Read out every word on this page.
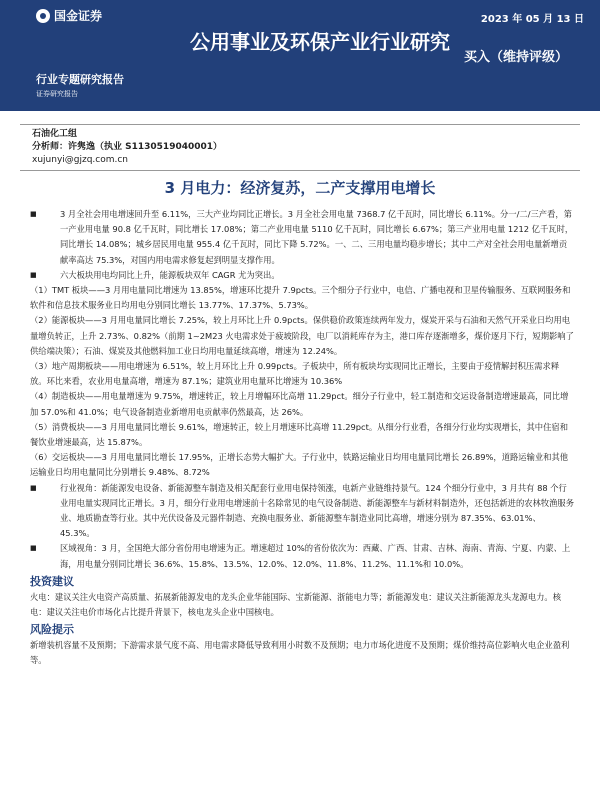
国金证券	2023 年 05 月 13 日
公用事业及环保产业行业研究
买入（维持评级）
行业专题研究报告
证券研究报告
石油化工组
分析师：许隽逸（执业 S1130519040001）
xujunyi@gjzq.com.cn
3 月电力：经济复苏，二产支撑用电增长

■ 3 月全社会用电增速回升至 6.11%，三大产业均同比正增长。3 月全社会用电量 7368.7 亿千瓦时，同比增长 6.11%。分一/二/三产看，第一产业用电量 90.8 亿千瓦时，同比增长 17.08%；第二产业用电量 5110 亿千瓦时，同比增长 6.67%；第三产业用电量 1212 亿千瓦时，同比增长 14.08%；城乡居民用电量 955.4 亿千瓦时，同比下降 5.72%。一、二、三用电量均稳步增长；其中二产对全社会用电量新增贡献率高达 75.3%，对国内用电需求修复起到明显支撑作用。

■ 六大板块用电均同比上升，能源板块双年 CAGR 尤为突出。

（1）TMT 板块——3 月用电量同比增速为 13.85%，增速环比提升 7.9pcts。三个细分子行业中，电信、广播电视和卫星传输服务、互联网服务和软件和信息技术服务业日均用电分别同比增长 13.77%、17.37%、5.73%。

（2）能源板块——3 月用电量同比增长 7.25%，较上月环比上升 0.9pcts。保供稳价政策连续两年发力，煤炭开采与石油和天然气开采业日均用电量增负转正，上升 2.73%、0.82%（前期 1~2M23 火电需求处于疲坡阶段，电厂以消耗库存为主，港口库存逐渐增多，煤价逐月下行，短期影响了供给端决策）；石油、煤炭及其他燃料加工业日均用电量延续高增，增速为 12.24%。

（3）地产周期板块——用电增速为 6.51%，较上月环比上升 0.99pcts。子板块中，所有板块均实现同比正增长，主要由于疫情解封积压需求释放。环比来看，农业用电量高增，增速为 87.1%；建筑业用电量环比增速为 10.36%

（4）制造板块——用电量增速为 9.75%，增速转正，较上月增幅环比高增 11.29pct。细分子行业中，轻工制造和交运设备制造增速最高，同比增加 57.0%和 41.0%；电气设备制造业新增用电贡献率仍然最高，达 26%。

（5）消费板块——3 月用电量同比增长 9.61%，增速转正，较上月增速环比高增 11.29pct。从细分行业看，各细分行业均实现增长，其中住宿和餐饮业增速最高，达 15.87%。

（6）交运板块——3 月用电量同比增长 17.95%，正增长态势大幅扩大。子行业中，铁路运输业日均用电量同比增长 26.89%，道路运输业和其他运输业日均用电量同比分别增长 9.48%、8.72%

■ 行业视角：新能源发电设备、新能源整车制造及相关配套行业用电保持领涨，电新产业链维持景气。124 个细分行业中，3 月共有 88 个行业用电量实现同比正增长。3 月，细分行业用电增速前十名除常见的电气设备制造、新能源整车与新材料制造外，还包括新进的农林牧渔服务业、地质勘查等行业。其中光伏设备及元器件制造、充换电服务业、新能源整车制造业同比高增，增速分别为 87.35%、63.01%、45.3%。

■ 区域视角：3 月，全国绝大部分省份用电增速为正。增速超过 10%的省份依次为：西藏、广西、甘肃、吉林、海南、青海、宁夏、内蒙、上海，用电量分别同比增长 36.6%、15.8%、13.5%、12.0%、12.0%、11.8%、11.2%、11.1%和 10.0%。

投资建议

火电：建议关注火电资产高质量、拓展新能源发电的龙头企业华能国际、宝新能源、浙能电力等；新能源发电：建议关注新能源龙头龙源电力。核电：建议关注电价市场化占比提升背景下，核电龙头企业中国核电。

风险提示

新增装机容量不及预期；下游需求景气度不高、用电需求降低导致利用小时数不及预期；电力市场化进度不及预期；煤价维持高位影响火电企业盈利等。
